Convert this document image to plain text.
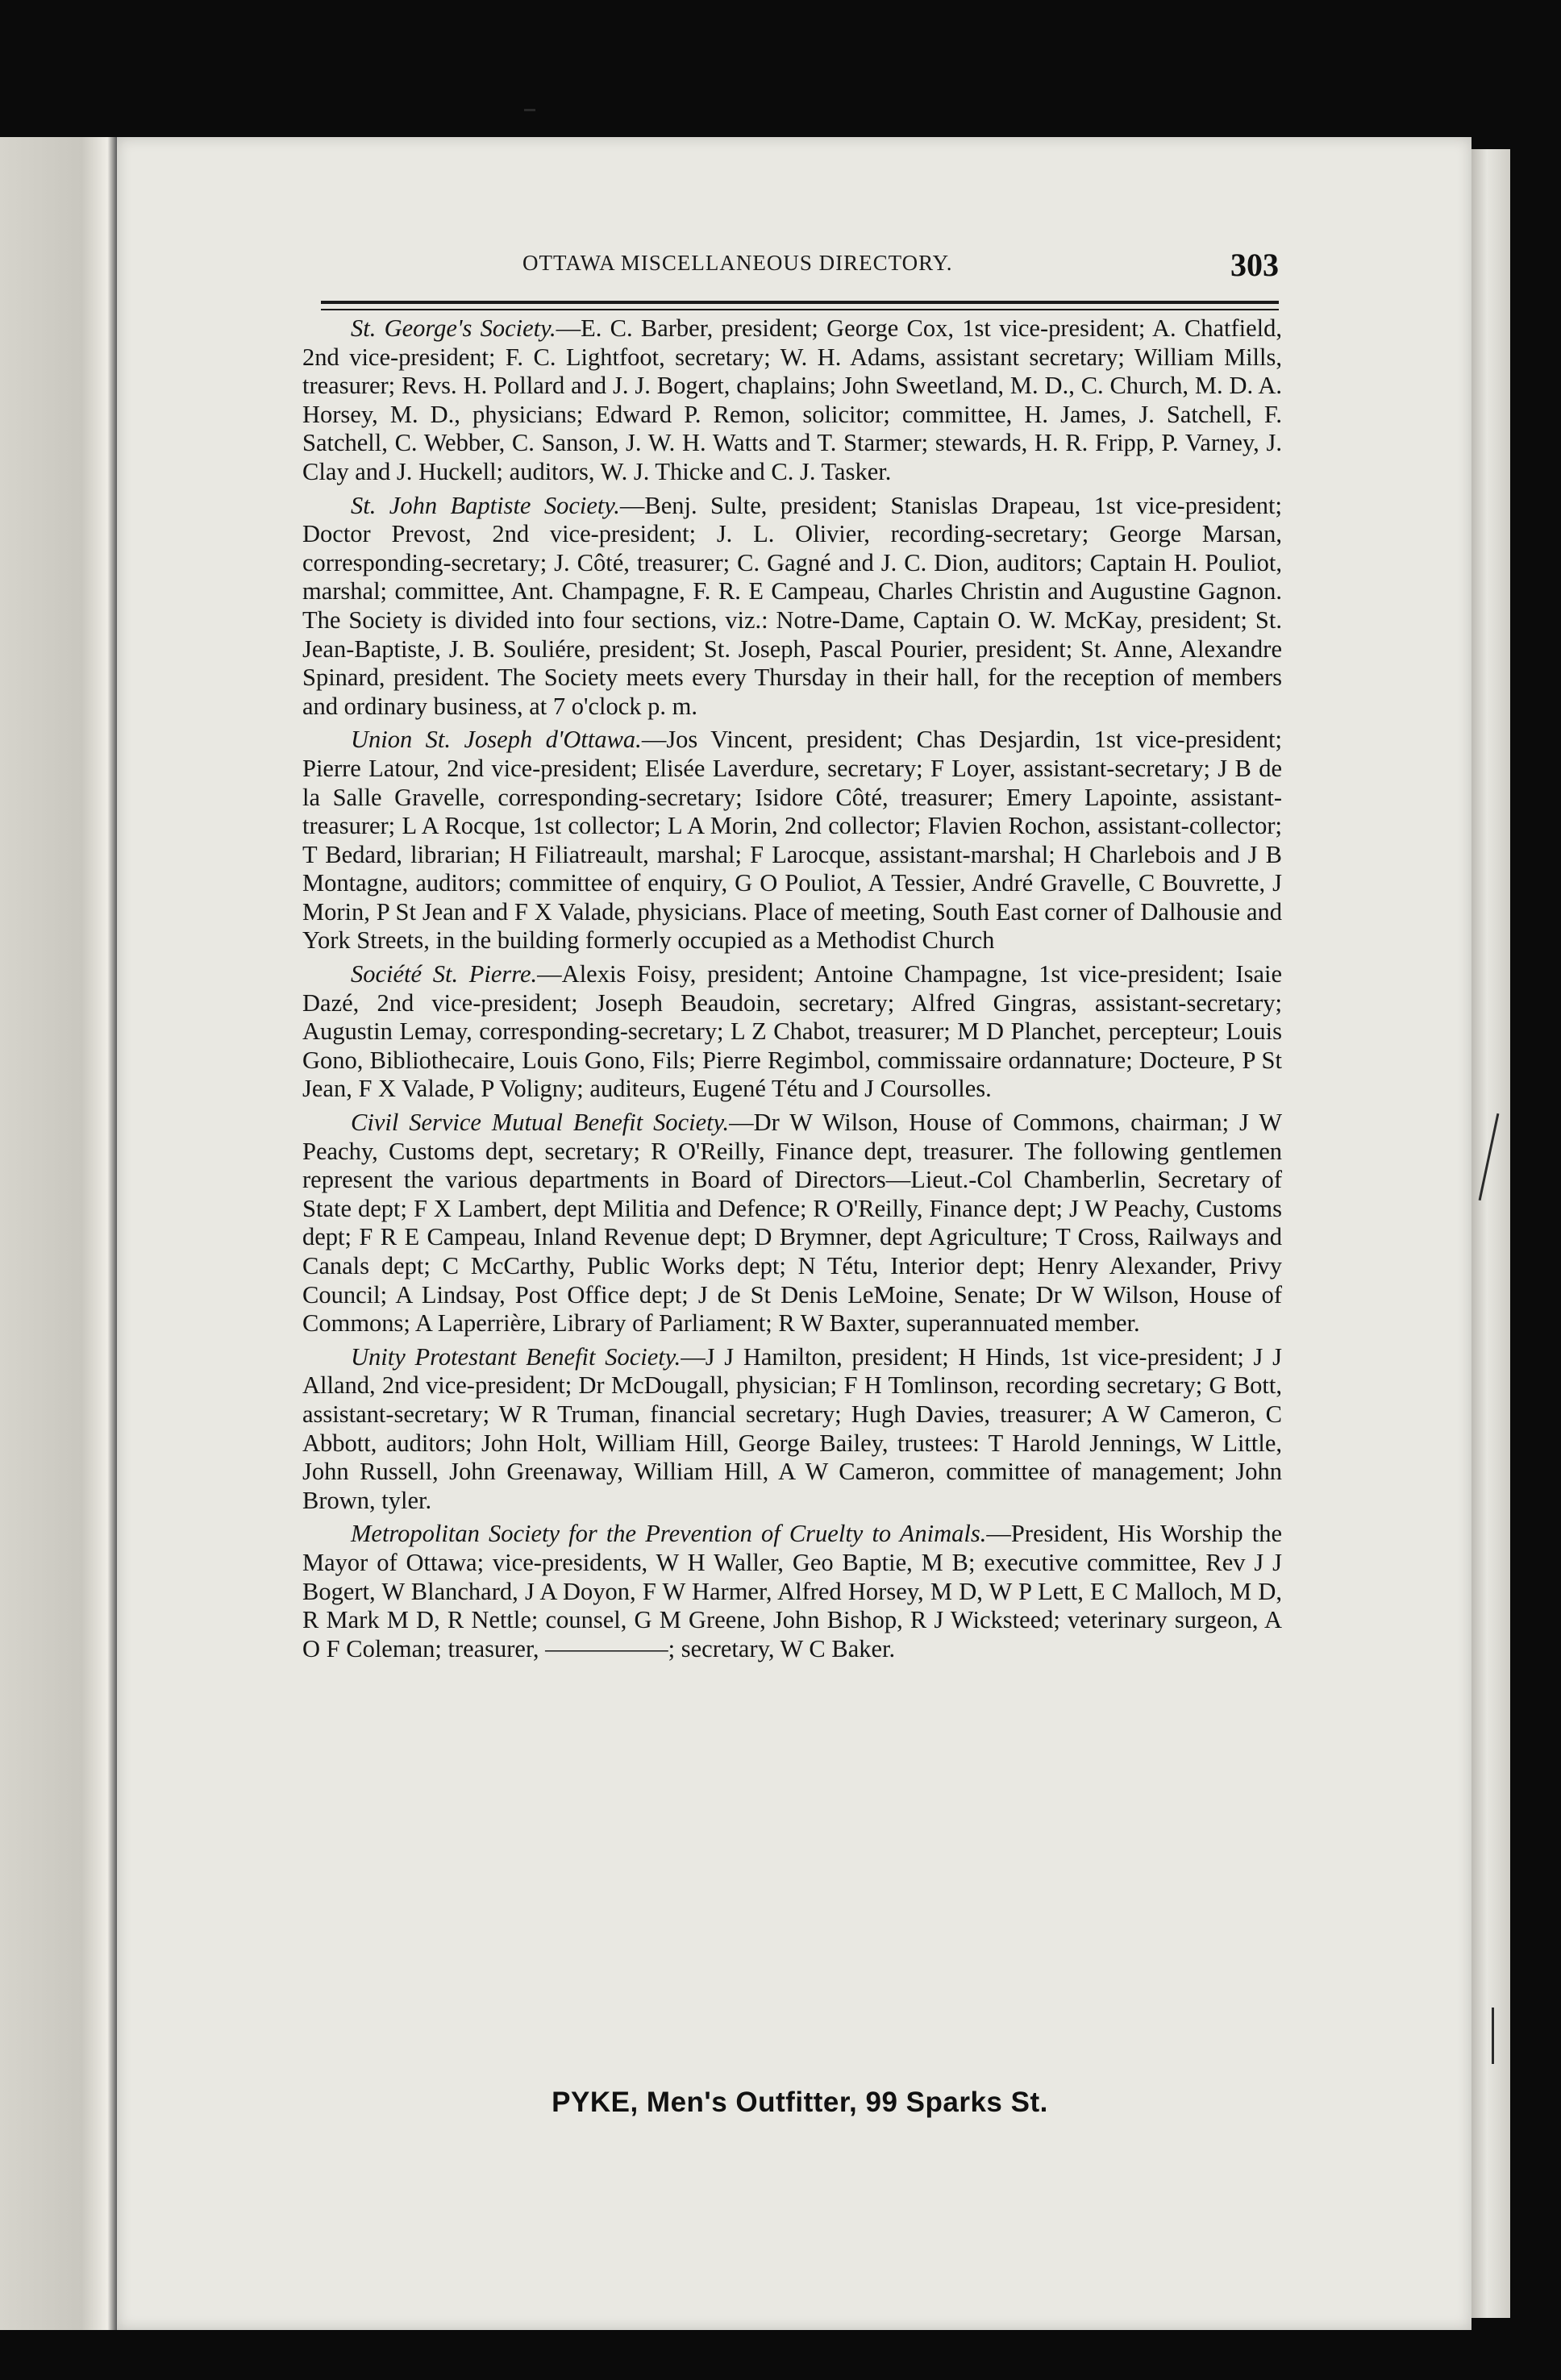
OTTAWA MISCELLANEOUS DIRECTORY.	303

St. George's Society.—E. C. Barber, president; George Cox, 1st vice-president; A. Chatfield, 2nd vice-president; F. C. Lightfoot, secretary; W. H. Adams, assistant secretary; William Mills, treasurer; Revs. H. Pollard and J. J. Bogert, chaplains; John Sweetland, M. D., C. Church, M. D. A. Horsey, M. D., physicians; Edward P. Remon, solicitor; committee, H. James, J. Satchell, F. Satchell, C. Webber, C. Sanson, J. W. H. Watts and T. Starmer; stewards, H. R. Fripp, P. Varney, J. Clay and J. Huckell; auditors, W. J. Thicke and C. J. Tasker.

St. John Baptiste Society.—Benj. Sulte, president; Stanislas Drapeau, 1st vice-president; Doctor Prevost, 2nd vice-president; J. L. Olivier, recording-secretary; George Marsan, corresponding-secretary; J. Côté, treasurer; C. Gagné and J. C. Dion, auditors; Captain H. Pouliot, marshal; committee, Ant. Champagne, F. R. E Campeau, Charles Christin and Augustine Gagnon. The Society is divided into four sections, viz.: Notre-Dame, Captain O. W. McKay, president; St. Jean-Baptiste, J. B. Souliére, president; St. Joseph, Pascal Pourier, president; St. Anne, Alexandre Spinard, president. The Society meets every Thursday in their hall, for the reception of members and ordinary business, at 7 o'clock p. m.

Union St. Joseph d'Ottawa.—Jos Vincent, president; Chas Desjardin, 1st vice-president; Pierre Latour, 2nd vice-president; Elisée Laverdure, secretary; F Loyer, assistant-secretary; J B de la Salle Gravelle, corresponding-secretary; Isidore Côté, treasurer; Emery Lapointe, assistant-treasurer; L A Rocque, 1st collector; L A Morin, 2nd collector; Flavien Rochon, assistant-collector; T Bedard, librarian; H Filiatreault, marshal; F Larocque, assistant-marshal; H Charlebois and J B Montagne, auditors; committee of enquiry, G O Pouliot, A Tessier, André Gravelle, C Bouvrette, J Morin, P St Jean and F X Valade, physicians. Place of meeting, South East corner of Dalhousie and York Streets, in the building formerly occupied as a Methodist Church

Société St. Pierre.—Alexis Foisy, president; Antoine Champagne, 1st vice-president; Isaie Dazé, 2nd vice-president; Joseph Beaudoin, secretary; Alfred Gingras, assistant-secretary; Augustin Lemay, corresponding-secretary; L Z Chabot, treasurer; M D Planchet, percepteur; Louis Gono, Bibliothecaire, Louis Gono, Fils; Pierre Regimbol, commissaire ordannature; Docteure, P St Jean, F X Valade, P Voligny; auditeurs, Eugené Tétu and J Coursolles.

Civil Service Mutual Benefit Society.—Dr W Wilson, House of Commons, chairman; J W Peachy, Customs dept, secretary; R O'Reilly, Finance dept, treasurer. The following gentlemen represent the various departments in Board of Directors—Lieut.-Col Chamberlin, Secretary of State dept; F X Lambert, dept Militia and Defence; R O'Reilly, Finance dept; J W Peachy, Customs dept; F R E Campeau, Inland Revenue dept; D Brymner, dept Agriculture; T Cross, Railways and Canals dept; C McCarthy, Public Works dept; N Tétu, Interior dept; Henry Alexander, Privy Council; A Lindsay, Post Office dept; J de St Denis LeMoine, Senate; Dr W Wilson, House of Commons; A Laperrière, Library of Parliament; R W Baxter, superannuated member.

Unity Protestant Benefit Society.—J J Hamilton, president; H Hinds, 1st vice-president; J J Alland, 2nd vice-president; Dr McDougall, physician; F H Tomlinson, recording secretary; G Bott, assistant-secretary; W R Truman, financial secretary; Hugh Davies, treasurer; A W Cameron, C Abbott, auditors; John Holt, William Hill, George Bailey, trustees: T Harold Jennings, W Little, John Russell, John Greenaway, William Hill, A W Cameron, committee of management; John Brown, tyler.

Metropolitan Society for the Prevention of Cruelty to Animals.—President, His Worship the Mayor of Ottawa; vice-presidents, W H Waller, Geo Baptie, M B; executive committee, Rev J J Bogert, W Blanchard, J A Doyon, F W Harmer, Alfred Horsey, M D, W P Lett, E C Malloch, M D, R Mark M D, R Nettle; counsel, G M Greene, John Bishop, R J Wicksteed; veterinary surgeon, A O F Coleman; treasurer, —————; secretary, W C Baker.

PYKE, Men's Outfitter, 99 Sparks St.
